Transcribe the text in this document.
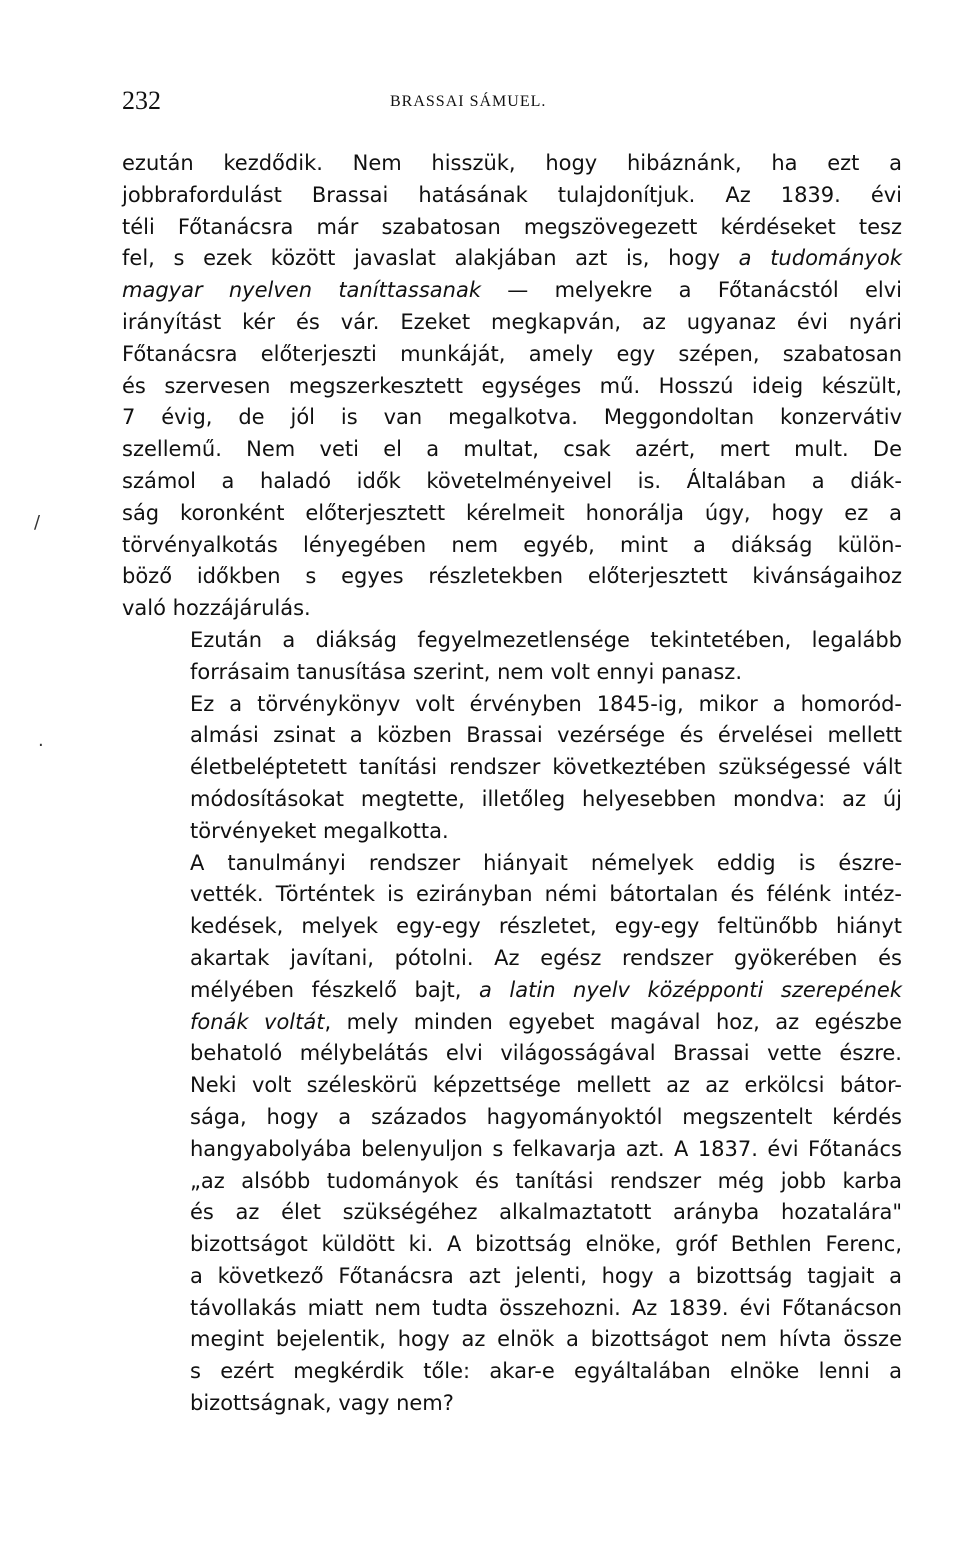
232	BRASSAI SÁMUEL.
/
.

ezután kezdődik. Nem hisszük, hogy hibáznánk, ha ezt a
jobbrafordulást Brassai hatásának tulajdonítjuk. Az 1839. évi
téli Főtanácsra már szabatosan megszövegezett kérdéseket tesz
fel, s ezek között javaslat alakjában azt is, hogy a tudományok
magyar nyelven taníttassanak — melyekre a Főtanácstól elvi
irányítást kér és vár. Ezeket megkapván, az ugyanaz évi nyári
Főtanácsra előterjeszti munkáját, amely egy szépen, szabatosan
és szervesen megszerkesztett egységes mű. Hosszú ideig készült,
7 évig, de jól is van megalkotva. Meggondoltan konzervátiv
szellemű. Nem veti el a multat, csak azért, mert mult. De
számol a haladó idők követelményeivel is. Általában a diák-
ság koronként előterjesztett kérelmeit honorálja úgy, hogy ez a
törvényalkotás lényegében nem egyéb, mint a diákság külön-
böző időkben s egyes részletekben előterjesztett kivánságaihoz
való hozzájárulás.

Ezután a diákság fegyelmezetlensége tekintetében, legalább
forrásaim tanusítása szerint, nem volt ennyi panasz.

Ez a törvénykönyv volt érvényben 1845-ig, mikor a homoród-
almási zsinat a közben Brassai vezérsége és érvelései mellett
életbeléptetett tanítási rendszer következtében szükségessé vált
módosításokat megtette, illetőleg helyesebben mondva: az új
törvényeket megalkotta.

A tanulmányi rendszer hiányait némelyek eddig is észre-
vették. Történtek is ezirányban némi bátortalan és félénk intéz-
kedések, melyek egy-egy részletet, egy-egy feltünőbb hiányt
akartak javítani, pótolni. Az egész rendszer gyökerében és
mélyében fészkelő bajt, a latin nyelv középponti szerepének
fonák voltát, mely minden egyebet magával hoz, az egészbe
behatoló mélybelátás elvi világosságával Brassai vette észre.
Neki volt széleskörü képzettsége mellett az az erkölcsi bátor-
sága, hogy a százados hagyományoktól megszentelt kérdés
hangyabolyába belenyuljon s felkavarja azt. A 1837. évi Főtanács
„az alsóbb tudományok és tanítási rendszer még jobb karba
és az élet szükségéhez alkalmaztatott arányba hozatalára"
bizottságot küldött ki. A bizottság elnöke, gróf Bethlen Ferenc,
a következő Főtanácsra azt jelenti, hogy a bizottság tagjait a
távollakás miatt nem tudta összehozni. Az 1839. évi Főtanácson
megint bejelentik, hogy az elnök a bizottságot nem hívta össze
s ezért megkérdik tőle: akar-e egyáltalában elnöke lenni a
bizottságnak, vagy nem?
